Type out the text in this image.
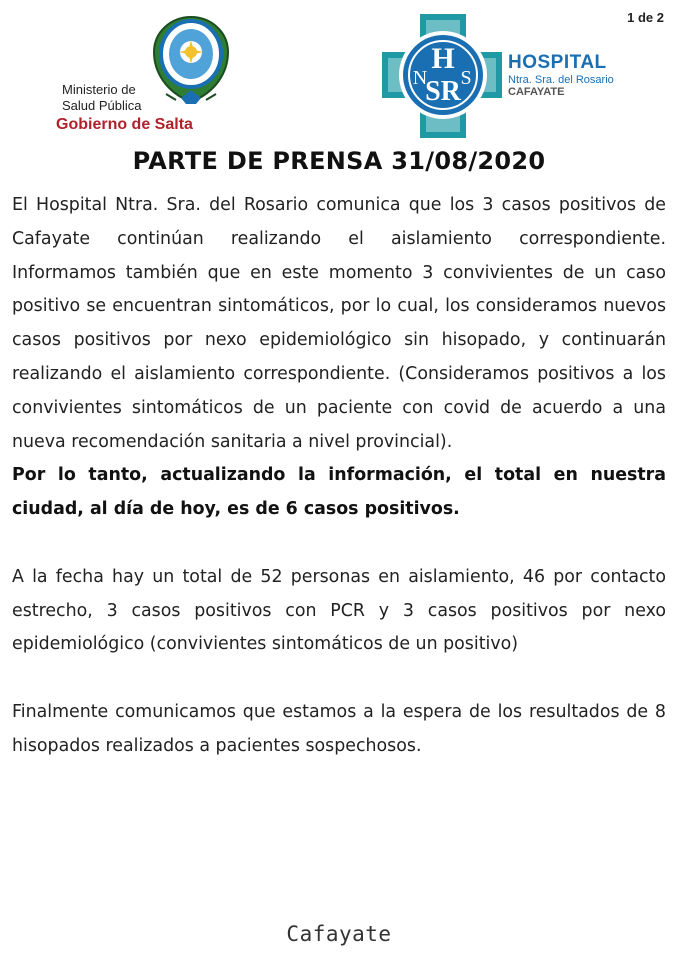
1 de 2
Ministerio de
Salud Pública
Gobierno de Salta
H
SR
N S
HOSPITAL
Ntra. Sra. del Rosario
CAFAYATE
PARTE DE PRENSA 31/08/2020

El Hospital Ntra. Sra. del Rosario comunica que los 3 casos positivos de Cafayate continúan realizando el aislamiento correspondiente. Informamos también que en este momento 3 convivientes de un caso positivo se encuentran sintomáticos, por lo cual, los consideramos nuevos casos positivos por nexo epidemiológico sin hisopado, y continuarán realizando el aislamiento correspondiente. (Consideramos positivos a los convivientes sintomáticos de un paciente con covid de acuerdo a una nueva recomendación sanitaria a nivel provincial).

Por lo tanto, actualizando la información, el total en nuestra ciudad, al día de hoy, es de 6 casos positivos.

A la fecha hay un total de 52 personas en aislamiento, 46 por contacto estrecho, 3 casos positivos con PCR y 3 casos positivos por nexo epidemiológico (convivientes sintomáticos de un positivo)

Finalmente comunicamos que estamos a la espera de los resultados de 8 hisopados realizados a pacientes sospechosos.

Cafayate
